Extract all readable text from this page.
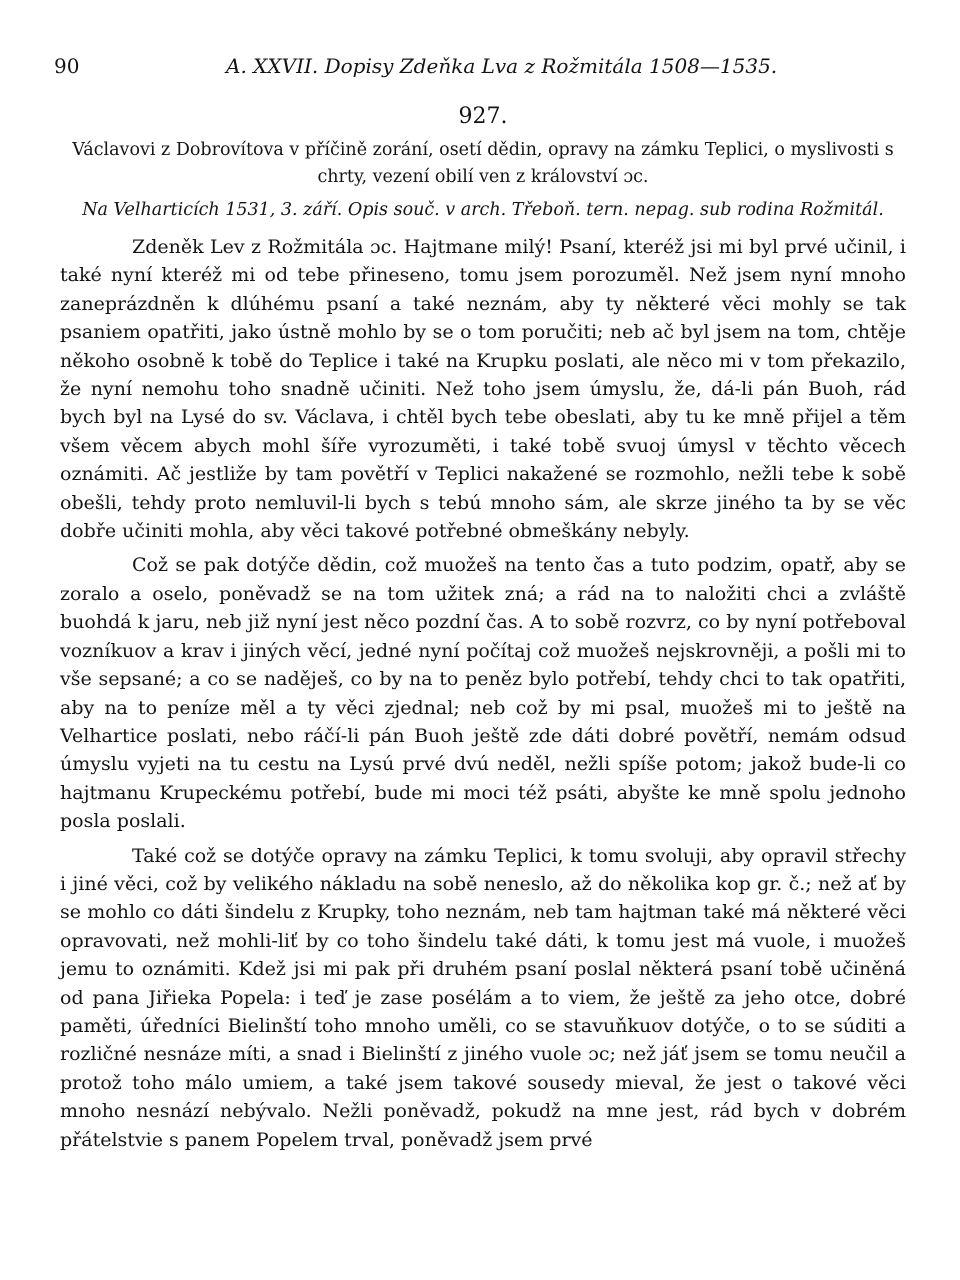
90	A. XXVII. Dopisy Zdeňka Lva z Rožmitála 1508—1535.
927.
Václavovi z Dobrovítova v příčině zorání, osetí dědin, opravy na zámku Teplici, o myslivosti s chrty, vezení obilí ven z království ɔc.
Na Velharticích 1531, 3. září. Opis souč. v arch. Třeboň. tern. nepag. sub rodina Rožmitál.

Zdeněk Lev z Rožmitála ɔc. Hajtmane milý! Psaní, kteréž jsi mi byl prvé učinil, i také nyní kteréž mi od tebe přineseno, tomu jsem porozuměl. Než jsem nyní mnoho zaneprázdněn k dlúhému psaní a také neznám, aby ty některé věci mohly se tak psaniem opatřiti, jako ústně mohlo by se o tom poručiti; neb ač byl jsem na tom, chtěje někoho osobně k tobě do Teplice i také na Krupku poslati, ale něco mi v tom překazilo, že nyní nemohu toho snadně učiniti. Než toho jsem úmyslu, že, dá-li pán Buoh, rád bych byl na Lysé do sv. Václava, i chtěl bych tebe obeslati, aby tu ke mně přijel a těm všem věcem abych mohl šíře vyrozuměti, i také tobě svuoj úmysl v těchto věcech oznámiti. Ač jestliže by tam povětří v Teplici nakažené se rozmohlo, nežli tebe k sobě obešli, tehdy proto nemluvil-li bych s tebú mnoho sám, ale skrze jiného ta by se věc dobře učiniti mohla, aby věci takové potřebné obmeškány nebyly.

Což se pak dotýče dědin, což muožeš na tento čas a tuto podzim, opatř, aby se zoralo a oselo, poněvadž se na tom užitek zná; a rád na to naložiti chci a zvláště buohdá k jaru, neb již nyní jest něco pozdní čas. A to sobě rozvrz, co by nyní potřeboval vozníkuov a krav i jiných věcí, jedné nyní počítaj což muožeš nejskrovněji, a pošli mi to vše sepsané; a co se naděješ, co by na to peněz bylo potřebí, tehdy chci to tak opatřiti, aby na to peníze měl a ty věci zjednal; neb což by mi psal, muožeš mi to ještě na Velhartice poslati, nebo ráčí-li pán Buoh ještě zde dáti dobré povětří, nemám odsud úmyslu vyjeti na tu cestu na Lysú prvé dvú neděl, nežli spíše potom; jakož bude-li co hajtmanu Krupeckému potřebí, bude mi moci též psáti, abyšte ke mně spolu jednoho posla poslali.

Také což se dotýče opravy na zámku Teplici, k tomu svoluji, aby opravil střechy i jiné věci, což by velikého nákladu na sobě neneslo, až do několika kop gr. č.; než ať by se mohlo co dáti šindelu z Krupky, toho neznám, neb tam hajtman také má některé věci opravovati, než mohli-liť by co toho šindelu také dáti, k tomu jest má vuole, i muožeš jemu to oznámiti. Kdež jsi mi pak při druhém psaní poslal některá psaní tobě učiněná od pana Jiřieka Popela: i teď je zase posélám a to viem, že ještě za jeho otce, dobré paměti, úředníci Bielinští toho mnoho uměli, co se stavuňkuov dotýče, o to se súditi a rozličné nesnáze míti, a snad i Bielinští z jiného vuole ɔc; než jáť jsem se tomu neučil a protož toho málo umiem, a také jsem takové sousedy mieval, že jest o takové věci mnoho nesnází nebývalo. Nežli poněvadž, pokudž na mne jest, rád bych v dobrém přátelstvie s panem Popelem trval, poněvadž jsem prvé
